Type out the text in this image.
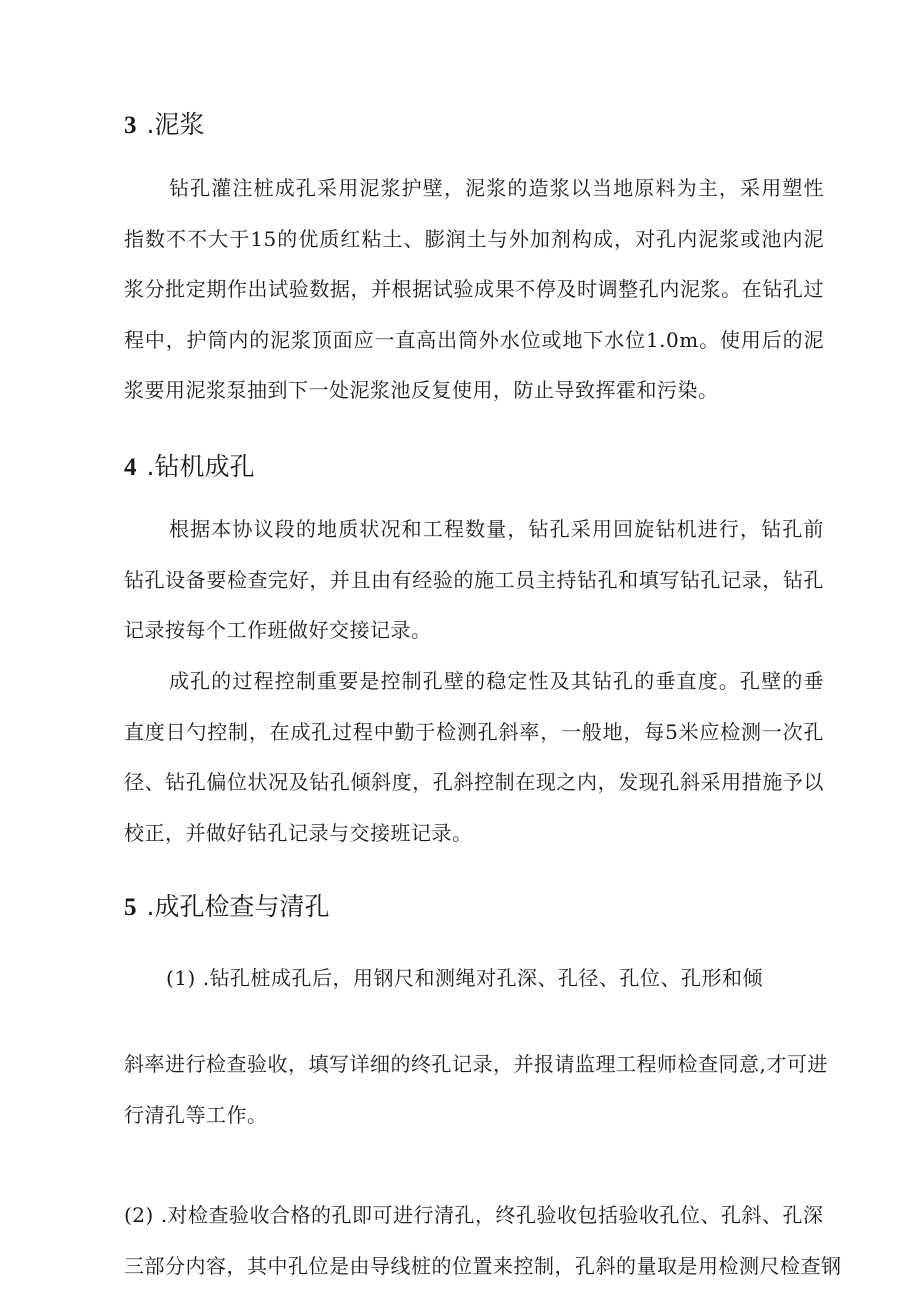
3 .泥浆

钻孔灌注桩成孔采用泥浆护壁，泥浆的造浆以当地原料为主，采用塑性指数不不大于15的优质红粘土、膨润土与外加剂构成，对孔内泥浆或池内泥浆分批定期作出试验数据，并根据试验成果不停及时调整孔内泥浆。在钻孔过程中，护筒内的泥浆顶面应一直高出筒外水位或地下水位1.0m。使用后的泥浆要用泥浆泵抽到下一处泥浆池反复使用，防止导致挥霍和污染。

4 .钻机成孔

根据本协议段的地质状况和工程数量，钻孔采用回旋钻机进行，钻孔前钻孔设备要检查完好，并且由有经验的施工员主持钻孔和填写钻孔记录，钻孔记录按每个工作班做好交接记录。

成孔的过程控制重要是控制孔壁的稳定性及其钻孔的垂直度。孔壁的垂直度日勺控制，在成孔过程中勤于检测孔斜率，一般地，每5米应检测一次孔径、钻孔偏位状况及钻孔倾斜度，孔斜控制在现之内，发现孔斜采用措施予以校正，并做好钻孔记录与交接班记录。

5 .成孔检查与清孔
(1) .钻孔桩成孔后，用钢尺和测绳对孔深、孔径、孔位、孔形和倾
斜率进行检查验收，填写详细的终孔记录，并报请监理工程师检查同意,才可进
行清孔等工作。
(2) .对检查验收合格的孔即可进行清孔，终孔验收包括验收孔位、孔斜、孔深
三部分内容，其中孔位是由导线桩的位置来控制，孔斜的量取是用检测尺检查钢
